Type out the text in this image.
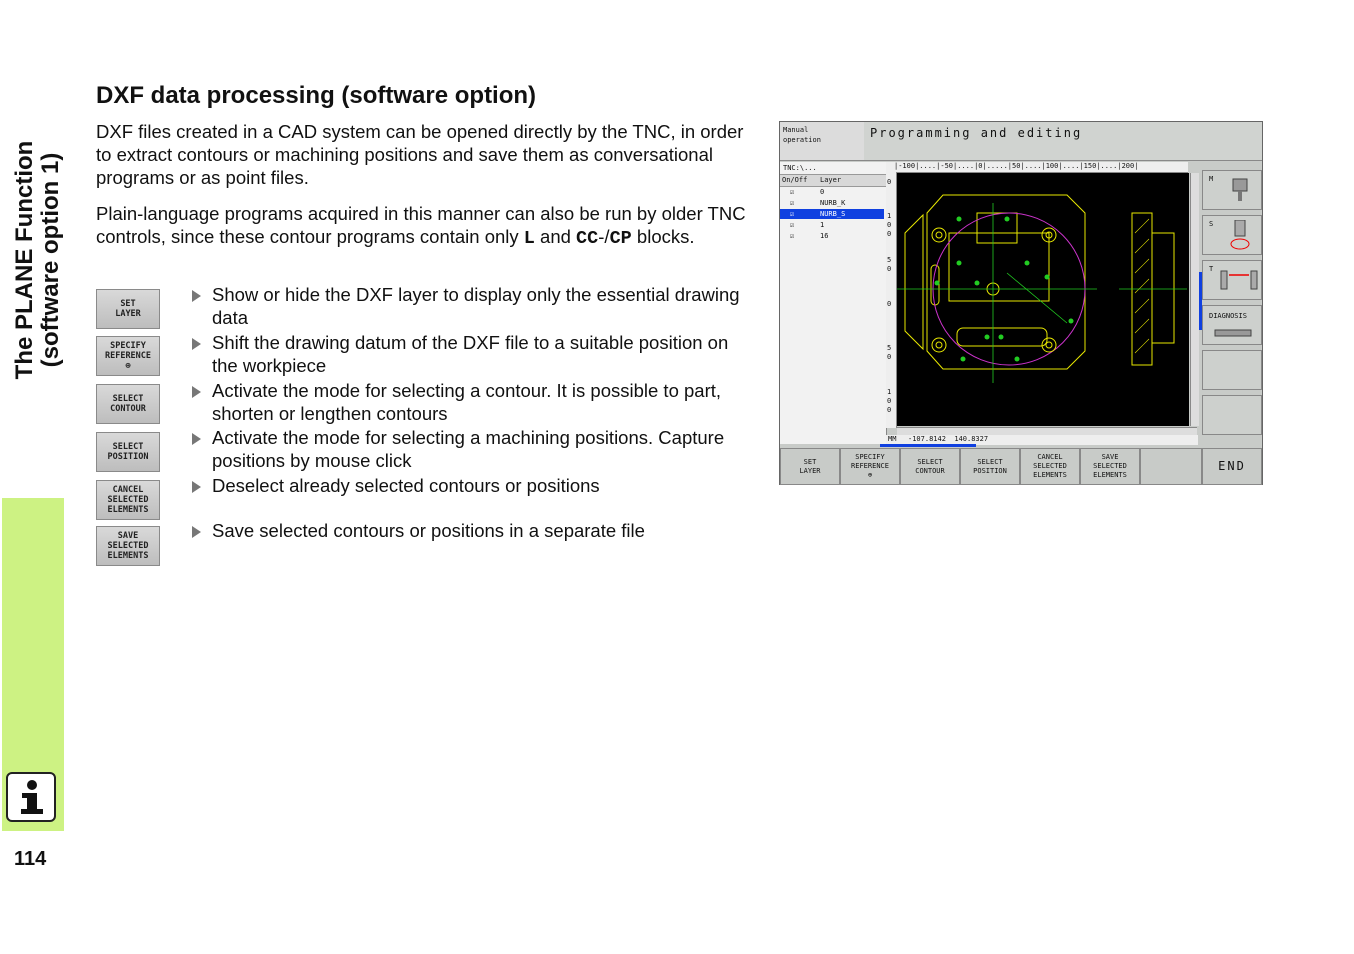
The PLANE Function (software option 1)
114
DXF data processing (software option)
DXF files created in a CAD system can be opened directly by the TNC, in order to extract contours or machining positions and save them as conversational programs or as point files.
Plain-language programs acquired in this manner can also be run by older TNC controls, since these contour programs contain only L and CC-/CP blocks.
SET
LAYER
SPECIFY
REFERENCE
⊕
SELECT
CONTOUR
SELECT
POSITION
CANCEL
SELECTED
ELEMENTS
SAVE
SELECTED
ELEMENTS
Show or hide the DXF layer to display only the essential drawing data
Shift the drawing datum of the DXF file to a suitable position on the workpiece
Activate the mode for selecting a contour. It is possible to part, shorten or lengthen contours
Activate the mode for selecting a machining positions. Capture positions by mouse click
Deselect already selected contours or positions
Save selected contours or positions in a separate file
Manual
operation	Programming and editing
TNC:\...
On/Off Layer
☑	0
☑	NURB_K
☑	NURB_S
☑	1
☑	16
|-100|....|-50|....|0|.....|50|....|100|....|150|....|200|
0
1 0 0
5 0
0
5 0
1 0 0
MM -107.8142  140.8327
M
S
T
DIAGNOSIS
SET
LAYER
SPECIFY
REFERENCE
⊕
SELECT
CONTOUR
SELECT
POSITION
CANCEL
SELECTED
ELEMENTS
SAVE
SELECTED
ELEMENTS
END
